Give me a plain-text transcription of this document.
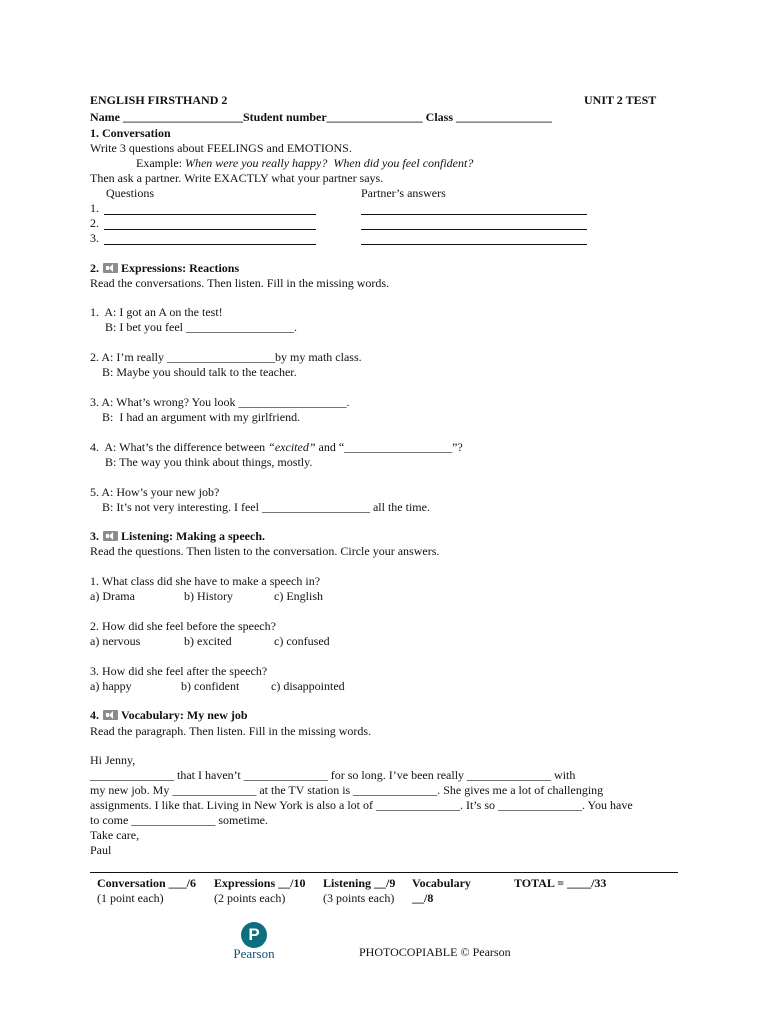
ENGLISH FIRSTHAND 2	UNIT 2 TEST
Name ____________________Student number________________ Class ________________
1. Conversation
Write 3 questions about FEELINGS and EMOTIONS.
Example: When were you really happy?  When did you feel confident?
Then ask a partner. Write EXACTLY what your partner says.
Questions	Partner’s answers
1.
2.
3.
2. Expressions: Reactions
Read the conversations. Then listen. Fill in the missing words.
1.  A: I got an A on the test!
B: I bet you feel __________________.
2. A: I’m really __________________by my math class.
B: Maybe you should talk to the teacher.
3. A: What’s wrong? You look __________________.
B:  I had an argument with my girlfriend.
4.  A: What’s the difference between “excited” and “__________________”?
B: The way you think about things, mostly.
5. A: How’s your new job?
B: It’s not very interesting. I feel __________________ all the time.
3. Listening: Making a speech.
Read the questions. Then listen to the conversation. Circle your answers.
1. What class did she have to make a speech in?
a) Drama	b) History	c) English
2. How did she feel before the speech?
a) nervous	b) excited	c) confused
3. How did she feel after the speech?
a) happy	b) confident	c) disappointed
4. Vocabulary: My new job
Read the paragraph. Then listen. Fill in the missing words.
Hi Jenny,
______________ that I haven’t ______________ for so long. I’ve been really ______________ with
my new job. My ______________ at the TV station is ______________. She gives me a lot of challenging
assignments. I like that. Living in New York is also a lot of ______________. It’s so ______________. You have
to come ______________ sometime.
Take care,
Paul
Conversation ___/6
(1 point each)
Expressions __/10
(2 points each)
Listening __/9
(3 points each)
Vocabulary
__/8
TOTAL = ____/33
P
Pearson	PHOTOCOPIABLE © Pearson
